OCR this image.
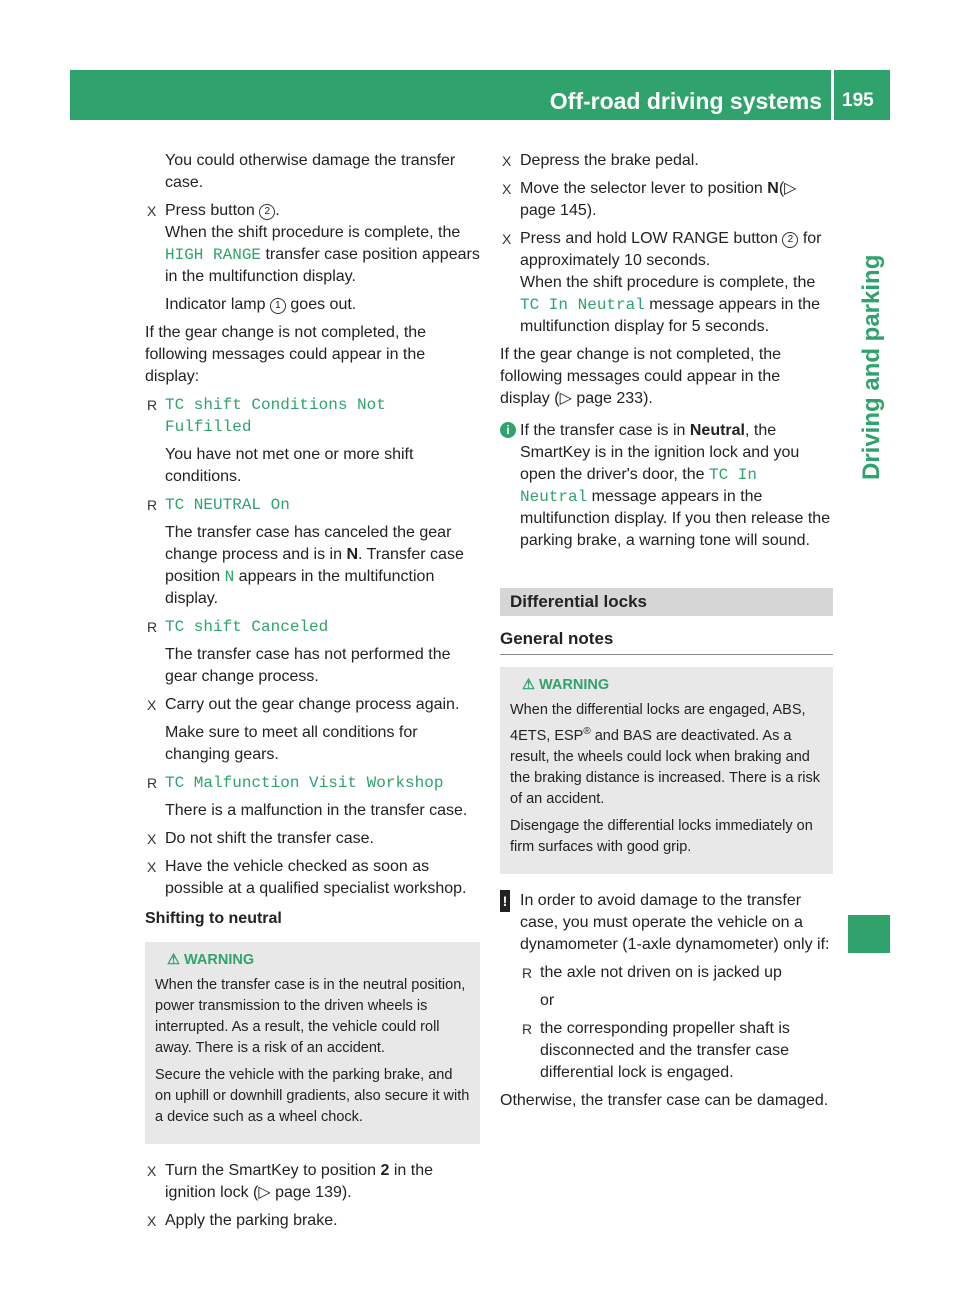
Off-road driving systems 195
Driving and parking

You could otherwise damage the transfer case.

X Press button 2 .
When the shift procedure is complete, the HIGH RANGE transfer case position appears in the multifunction display.
Indicator lamp 1 goes out.

If the gear change is not completed, the following messages could appear in the display:

R TC shift Conditions Not Fulfilled
You have not met one or more shift conditions.
R TC NEUTRAL On
The transfer case has canceled the gear change process and is in N. Transfer case position N appears in the multifunction display.
R TC shift Canceled
The transfer case has not performed the gear change process.
X Carry out the gear change process again.
Make sure to meet all conditions for changing gears.
R TC Malfunction Visit Workshop
There is a malfunction in the transfer case.
X Do not shift the transfer case.
X Have the vehicle checked as soon as possible at a qualified specialist workshop.
Shifting to neutral
⚠ WARNING

When the transfer case is in the neutral position, power transmission to the driven wheels is interrupted. As a result, the vehicle could roll away. There is a risk of an accident.

Secure the vehicle with the parking brake, and on uphill or downhill gradients, also secure it with a device such as a wheel chock.

X Turn the SmartKey to position 2 in the ignition lock (▷ page 139).
X Apply the parking brake.
X Depress the brake pedal.
X Move the selector lever to position N(▷ page 145).
X Press and hold LOW RANGE button 2 for approximately 10 seconds.
When the shift procedure is complete, the TC In Neutral message appears in the multifunction display for 5 seconds.

If the gear change is not completed, the following messages could appear in the display (▷ page 233).

i If the transfer case is in Neutral, the SmartKey is in the ignition lock and you open the driver's door, the TC In Neutral message appears in the multifunction display. If you then release the parking brake, a warning tone will sound.
Differential locks
General notes
⚠ WARNING

When the differential locks are engaged, ABS, 4ETS, ESP® and BAS are deactivated. As a result, the wheels could lock when braking and the braking distance is increased. There is a risk of an accident.

Disengage the differential locks immediately on firm surfaces with good grip.

! In order to avoid damage to the transfer case, you must operate the vehicle on a dynamometer (1-axle dynamometer) only if:
R the axle not driven on is jacked up
or
R the corresponding propeller shaft is disconnected and the transfer case differential lock is engaged.

Otherwise, the transfer case can be damaged.
